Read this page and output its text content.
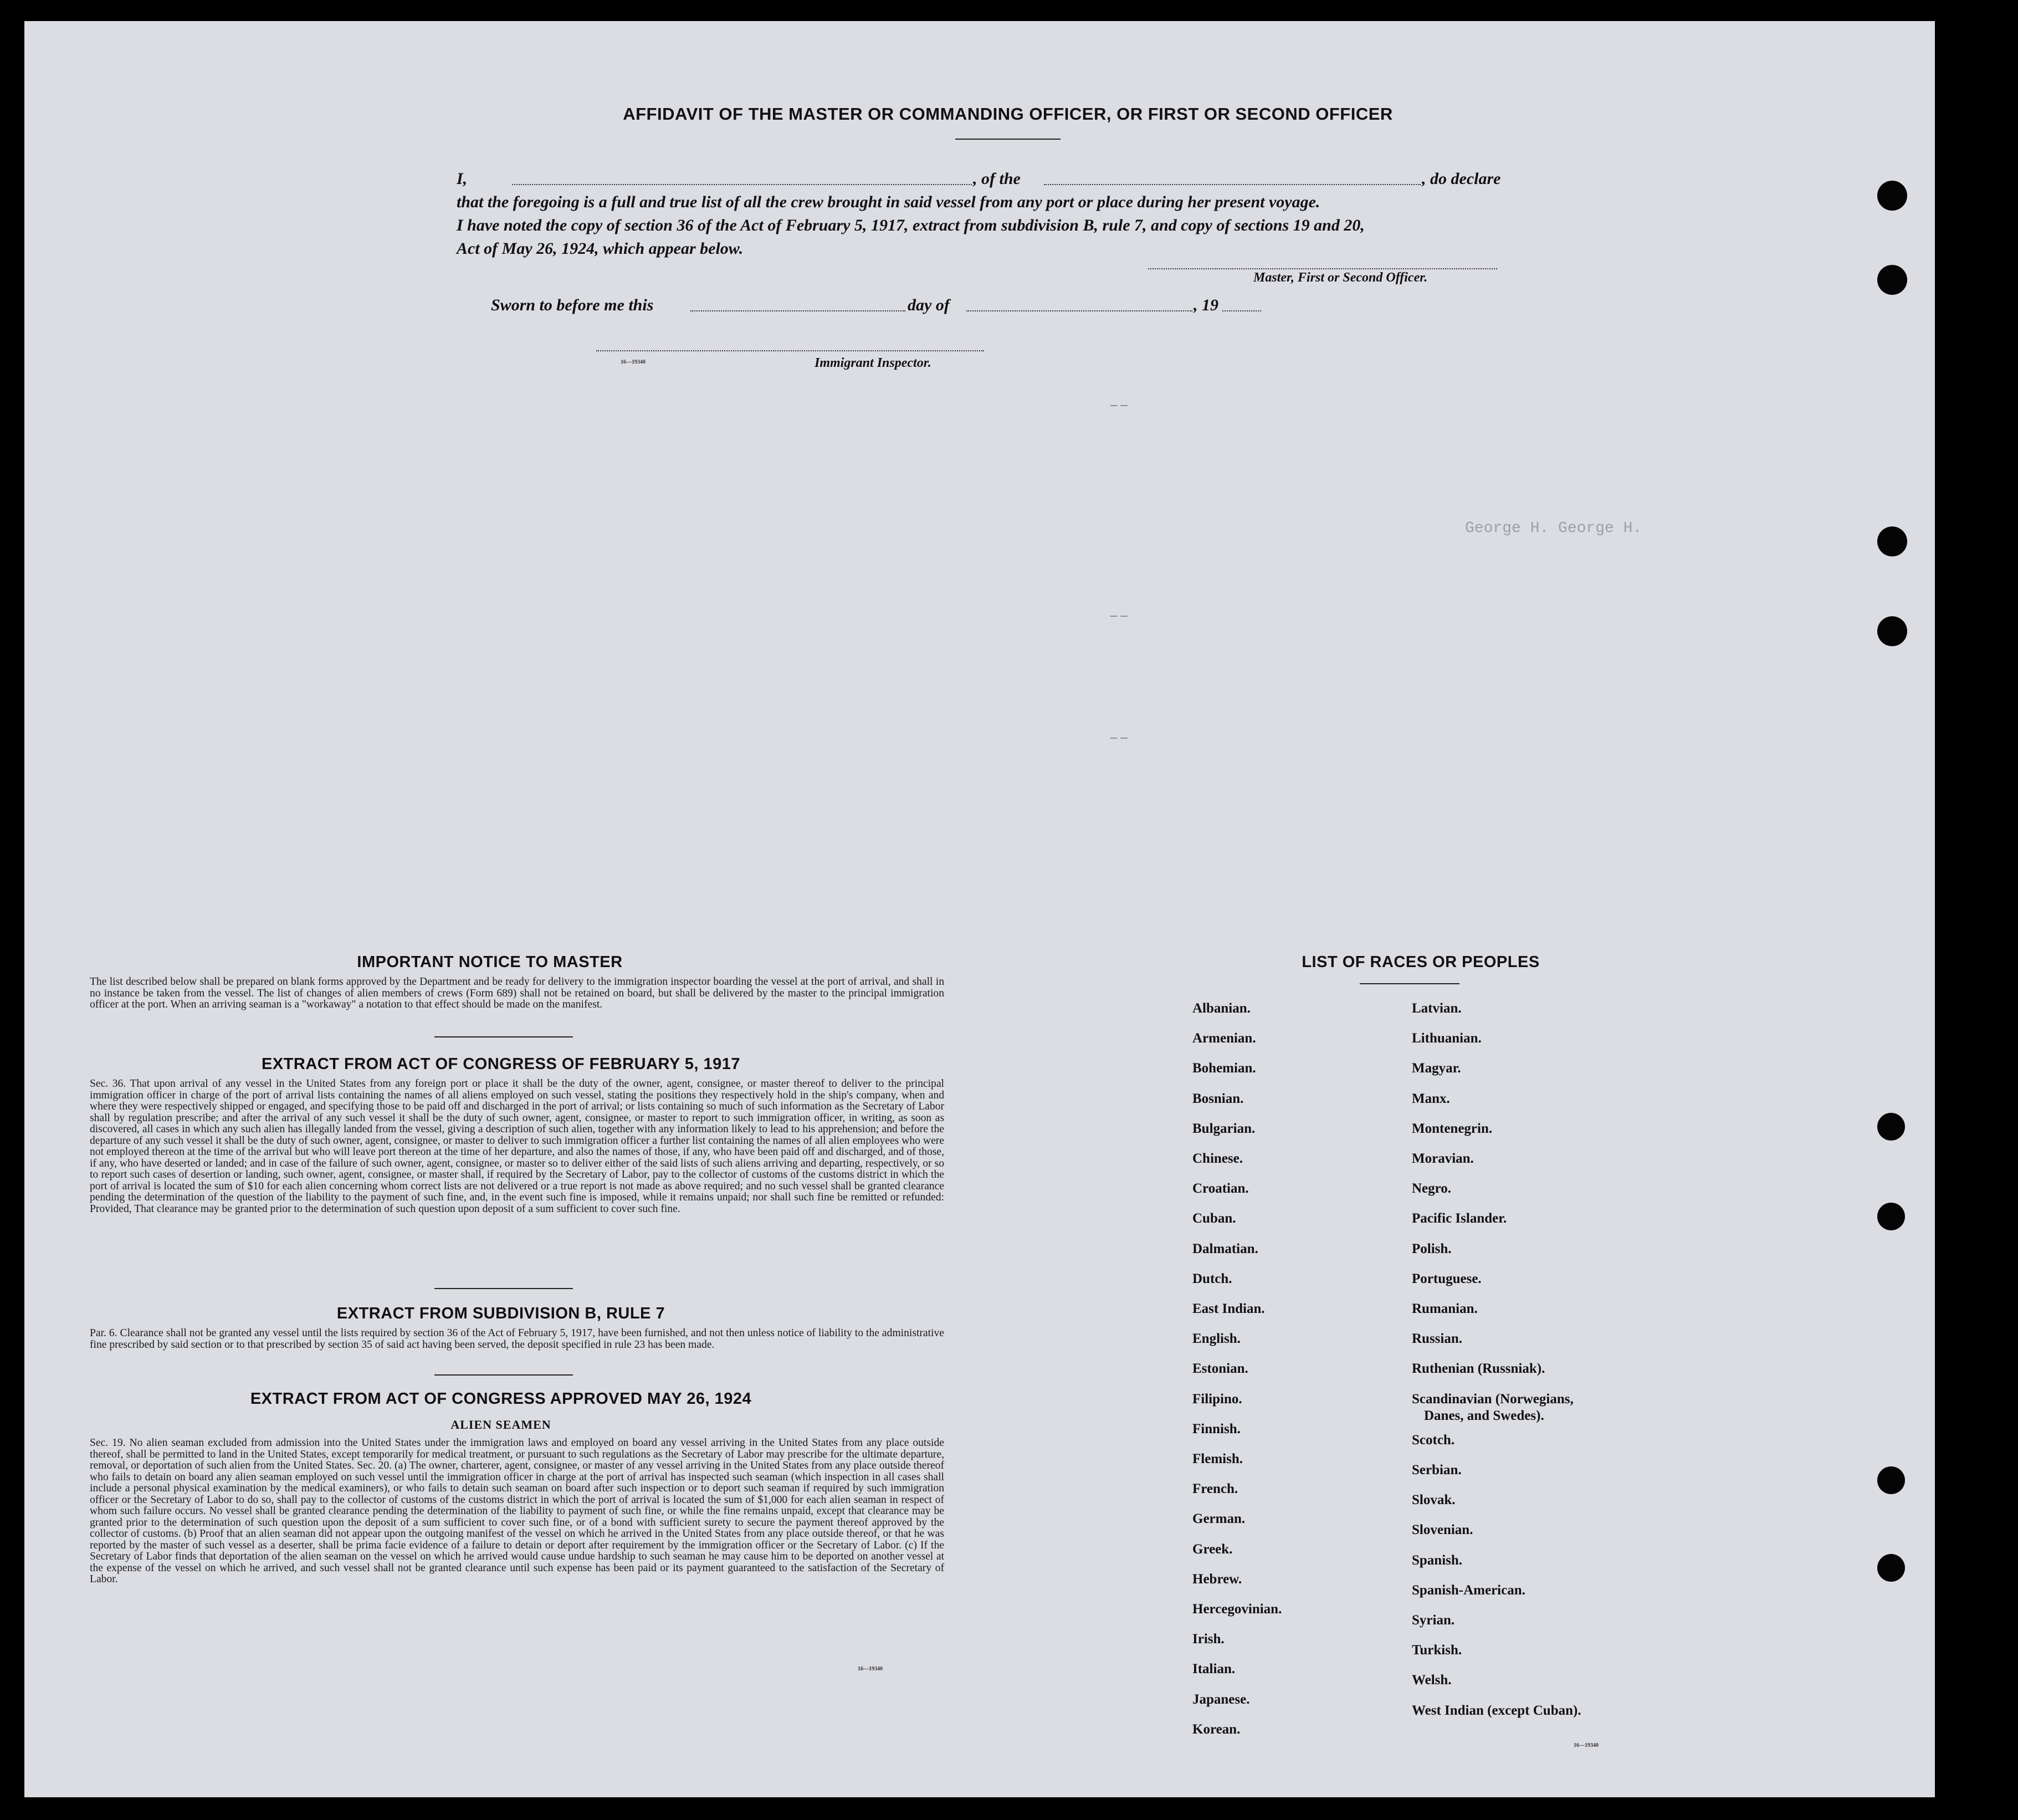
AFFIDAVIT OF THE MASTER OR COMMANDING OFFICER, OR FIRST OR SECOND OFFICER
I,	, of the	, do declare
that the foregoing is a full and true list of all the crew brought in said vessel from any port or place during her present voyage.
I have noted the copy of section 36 of the Act of February 5, 1917, extract from subdivision B, rule 7, and copy of sections 19 and 20,
Act of May 26, 1924, which appear below.
Master, First or Second Officer.
Sworn to before me this	day of	, 19
16—19340	Immigrant Inspector.
George H. George H.
_ _
_ _
_ _
IMPORTANT NOTICE TO MASTER
The list described below shall be prepared on blank forms approved by the Department and be ready for delivery to the immigration inspector boarding the vessel at the port of arrival, and shall in no instance be taken from the vessel. The list of changes of alien members of crews (Form 689) shall not be retained on board, but shall be delivered by the master to the principal immigration officer at the port. When an arriving seaman is a "workaway" a notation to that effect should be made on the manifest.
EXTRACT FROM ACT OF CONGRESS OF FEBRUARY 5, 1917
Sec. 36. That upon arrival of any vessel in the United States from any foreign port or place it shall be the duty of the owner, agent, consignee, or master thereof to deliver to the principal immigration officer in charge of the port of arrival lists containing the names of all aliens employed on such vessel, stating the positions they respectively hold in the ship's company, when and where they were respectively shipped or engaged, and specifying those to be paid off and discharged in the port of arrival; or lists containing so much of such information as the Secretary of Labor shall by regulation prescribe; and after the arrival of any such vessel it shall be the duty of such owner, agent, consignee, or master to report to such immigration officer, in writing, as soon as discovered, all cases in which any such alien has illegally landed from the vessel, giving a description of such alien, together with any information likely to lead to his apprehension; and before the departure of any such vessel it shall be the duty of such owner, agent, consignee, or master to deliver to such immigration officer a further list containing the names of all alien employees who were not employed thereon at the time of the arrival but who will leave port thereon at the time of her departure, and also the names of those, if any, who have been paid off and discharged, and of those, if any, who have deserted or landed; and in case of the failure of such owner, agent, consignee, or master so to deliver either of the said lists of such aliens arriving and departing, respectively, or so to report such cases of desertion or landing, such owner, agent, consignee, or master shall, if required by the Secretary of Labor, pay to the collector of customs of the customs district in which the port of arrival is located the sum of $10 for each alien concerning whom correct lists are not delivered or a true report is not made as above required; and no such vessel shall be granted clearance pending the determination of the question of the liability to the payment of such fine, and, in the event such fine is imposed, while it remains unpaid; nor shall such fine be remitted or refunded: Provided, That clearance may be granted prior to the determination of such question upon deposit of a sum sufficient to cover such fine.
EXTRACT FROM SUBDIVISION B, RULE 7
Par. 6. Clearance shall not be granted any vessel until the lists required by section 36 of the Act of February 5, 1917, have been furnished, and not then unless notice of liability to the administrative fine prescribed by said section or to that prescribed by section 35 of said act having been served, the deposit specified in rule 23 has been made.
EXTRACT FROM ACT OF CONGRESS APPROVED MAY 26, 1924
ALIEN SEAMEN
Sec. 19. No alien seaman excluded from admission into the United States under the immigration laws and employed on board any vessel arriving in the United States from any place outside thereof, shall be permitted to land in the United States, except temporarily for medical treatment, or pursuant to such regulations as the Secretary of Labor may prescribe for the ultimate departure, removal, or deportation of such alien from the United States. Sec. 20. (a) The owner, charterer, agent, consignee, or master of any vessel arriving in the United States from any place outside thereof who fails to detain on board any alien seaman employed on such vessel until the immigration officer in charge at the port of arrival has inspected such seaman (which inspection in all cases shall include a personal physical examination by the medical examiners), or who fails to detain such seaman on board after such inspection or to deport such seaman if required by such immigration officer or the Secretary of Labor to do so, shall pay to the collector of customs of the customs district in which the port of arrival is located the sum of $1,000 for each alien seaman in respect of whom such failure occurs. No vessel shall be granted clearance pending the determination of the liability to payment of such fine, or while the fine remains unpaid, except that clearance may be granted prior to the determination of such question upon the deposit of a sum sufficient to cover such fine, or of a bond with sufficient surety to secure the payment thereof approved by the collector of customs. (b) Proof that an alien seaman did not appear upon the outgoing manifest of the vessel on which he arrived in the United States from any place outside thereof, or that he was reported by the master of such vessel as a deserter, shall be prima facie evidence of a failure to detain or deport after requirement by the immigration officer or the Secretary of Labor. (c) If the Secretary of Labor finds that deportation of the alien seaman on the vessel on which he arrived would cause undue hardship to such seaman he may cause him to be deported on another vessel at the expense of the vessel on which he arrived, and such vessel shall not be granted clearance until such expense has been paid or its payment guaranteed to the satisfaction of the Secretary of Labor.
16—19340
LIST OF RACES OR PEOPLES
Albanian.
Armenian.
Bohemian.
Bosnian.
Bulgarian.
Chinese.
Croatian.
Cuban.
Dalmatian.
Dutch.
East Indian.
English.
Estonian.
Filipino.
Finnish.
Flemish.
French.
German.
Greek.
Hebrew.
Hercegovinian.
Irish.
Italian.
Japanese.
Korean.
Latvian.
Lithuanian.
Magyar.
Manx.
Montenegrin.
Moravian.
Negro.
Pacific Islander.
Polish.
Portuguese.
Rumanian.
Russian.
Ruthenian (Russniak).
Scandinavian (Norwegians,
Danes, and Swedes).
Scotch.
Serbian.
Slovak.
Slovenian.
Spanish.
Spanish-American.
Syrian.
Turkish.
Welsh.
West Indian (except Cuban).
16—19340
